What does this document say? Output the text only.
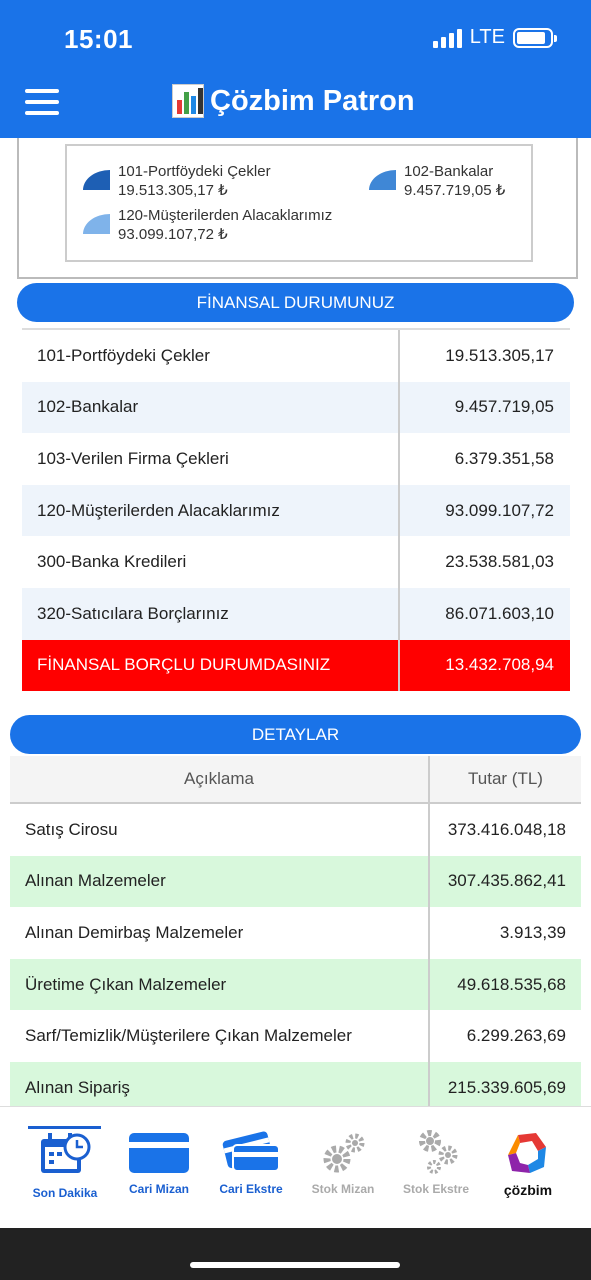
15:01	LTE
Çözbim Patron
101-Portföydeki Çekler
19.513.305,17 ₺
102-Bankalar
9.457.719,05 ₺
120-Müşterilerden Alacaklarımız
93.099.107,72 ₺
FİNANSAL DURUMUNUZ
101-Portföydeki Çekler	19.513.305,17
102-Bankalar	9.457.719,05
103-Verilen Firma Çekleri	6.379.351,58
120-Müşterilerden Alacaklarımız	93.099.107,72
300-Banka Kredileri	23.538.581,03
320-Satıcılara Borçlarınız	86.071.603,10
FİNANSAL BORÇLU DURUMDASINIZ	13.432.708,94
DETAYLAR
Açıklama	Tutar (TL)
Satış Cirosu	373.416.048,18
Alınan Malzemeler	307.435.862,41
Alınan Demirbaş Malzemeler	3.913,39
Üretime Çıkan Malzemeler	49.618.535,68
Sarf/Temizlik/Müşterilere Çıkan Malzemeler	6.299.263,69
Alınan Sipariş	215.339.605,69
Son Dakika	Cari Mizan	Cari Ekstre	Stok Mizan	Stok Ekstre	çözbim
